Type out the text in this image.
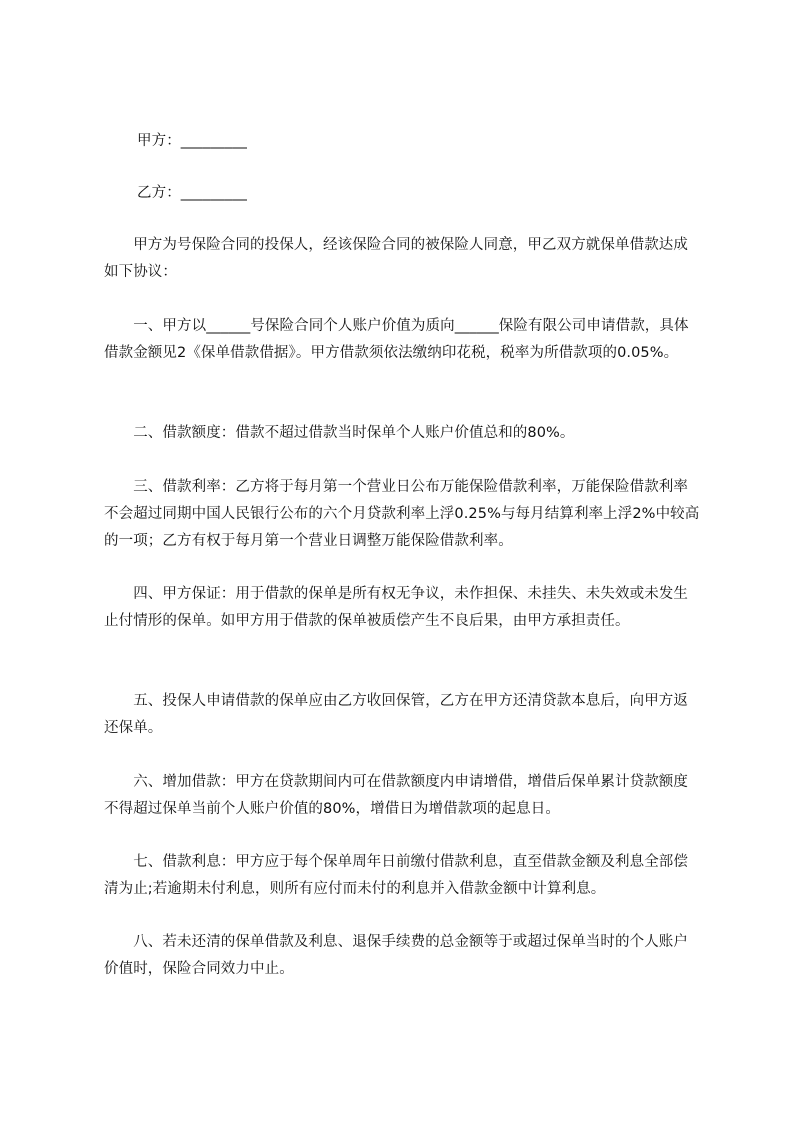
甲方：_________

乙方：_________

　　甲方为号保险合同的投保人，经该保险合同的被保险人同意，甲乙双方就保单借款达成如下协议：

　　一、甲方以______号保险合同个人账户价值为质向______保险有限公司申请借款，具体借款金额见2《保单借款借据》。甲方借款须依法缴纳印花税，税率为所借款项的0.05%。

　　二、借款额度：借款不超过借款当时保单个人账户价值总和的80%。

　　三、借款利率：乙方将于每月第一个营业日公布万能保险借款利率，万能保险借款利率不会超过同期中国人民银行公布的六个月贷款利率上浮0.25%与每月结算利率上浮2%中较高的一项；乙方有权于每月第一个营业日调整万能保险借款利率。

　　四、甲方保证：用于借款的保单是所有权无争议，未作担保、未挂失、未失效或未发生止付情形的保单。如甲方用于借款的保单被质偿产生不良后果，由甲方承担责任。

　　五、投保人申请借款的保单应由乙方收回保管，乙方在甲方还清贷款本息后，向甲方返还保单。

　　六、增加借款：甲方在贷款期间内可在借款额度内申请增借，增借后保单累计贷款额度不得超过保单当前个人账户价值的80%，增借日为增借款项的起息日。

　　七、借款利息：甲方应于每个保单周年日前缴付借款利息，直至借款金额及利息全部偿清为止;若逾期未付利息，则所有应付而未付的利息并入借款金额中计算利息。

　　八、若未还清的保单借款及利息、退保手续费的总金额等于或超过保单当时的个人账户价值时，保险合同效力中止。
